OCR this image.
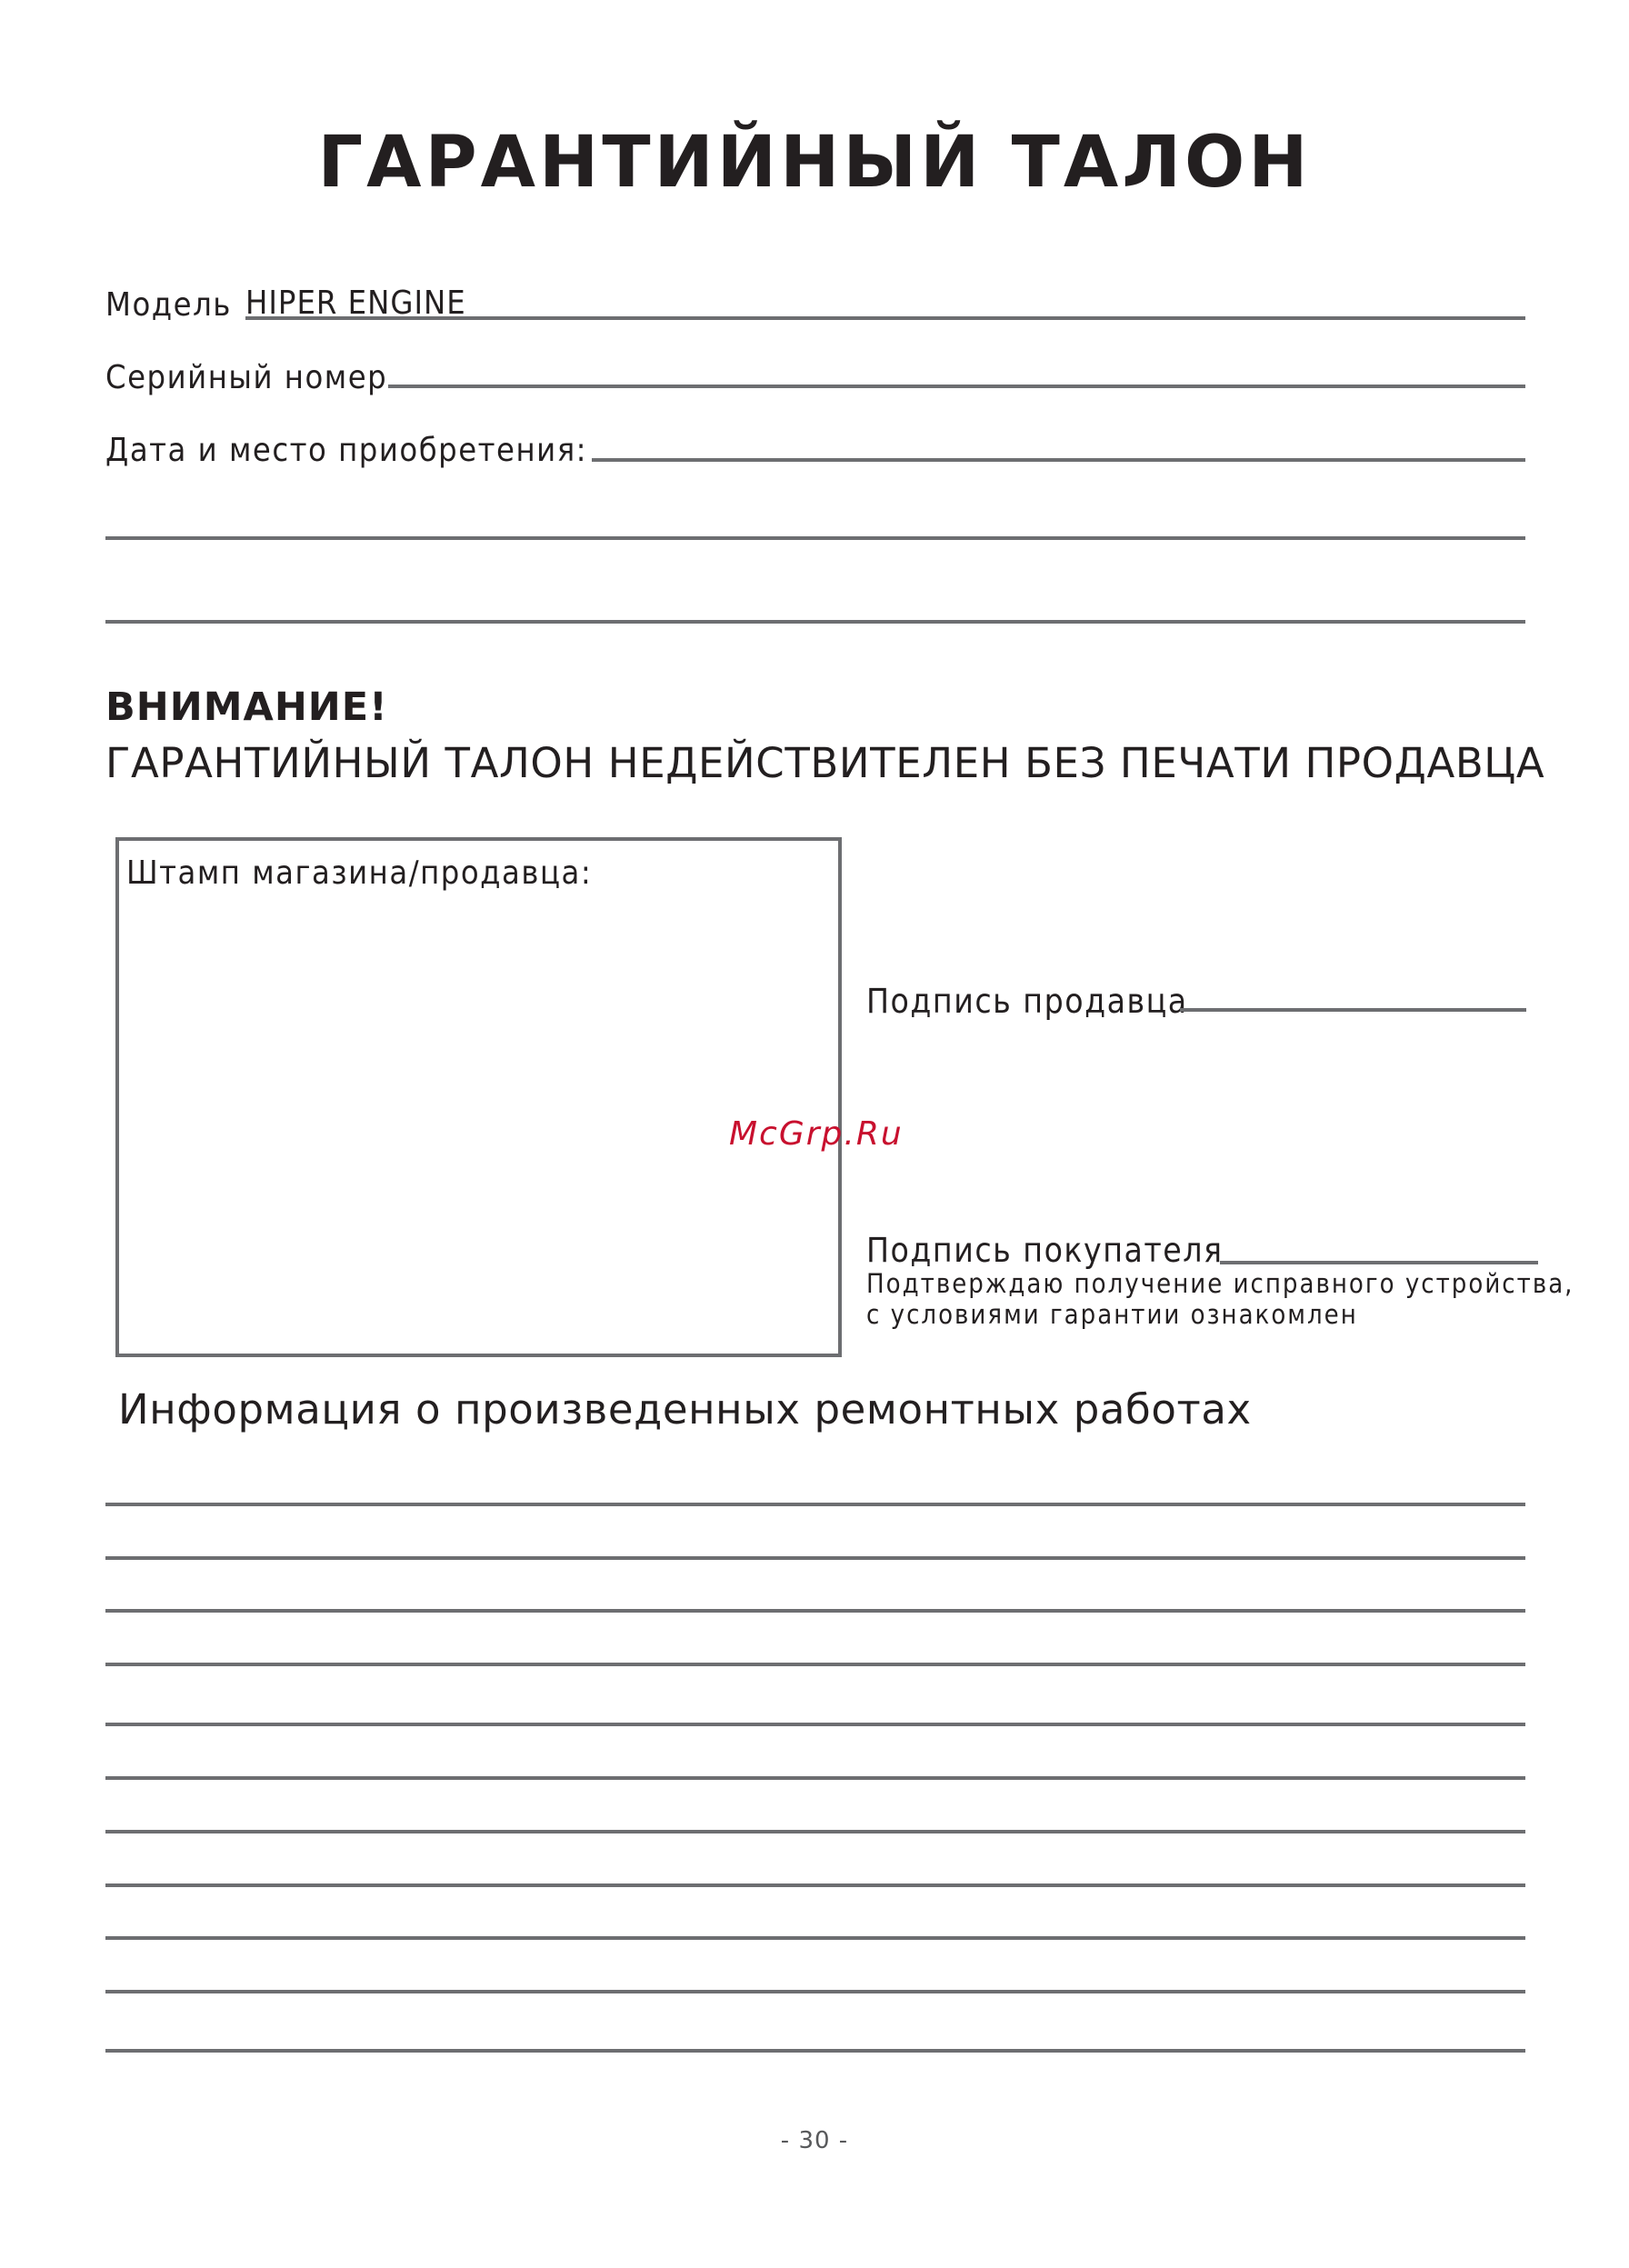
ГАРАНТИЙНЫЙ ТАЛОН
Модель HIPER ENGINE
Серийный номер
Дата и место приобретения:
ВНИМАНИЕ!
ГАРАНТИЙНЫЙ ТАЛОН НЕДЕЙСТВИТЕЛЕН БЕЗ ПЕЧАТИ ПРОДАВЦА
Штамп магазина/продавца:
Подпись продавца
McGrp.Ru
Подпись покупателя
Подтверждаю получение исправного устройства,
с условиями гарантии ознакомлен
Информация о произведенных ремонтных работах
- 30 -
